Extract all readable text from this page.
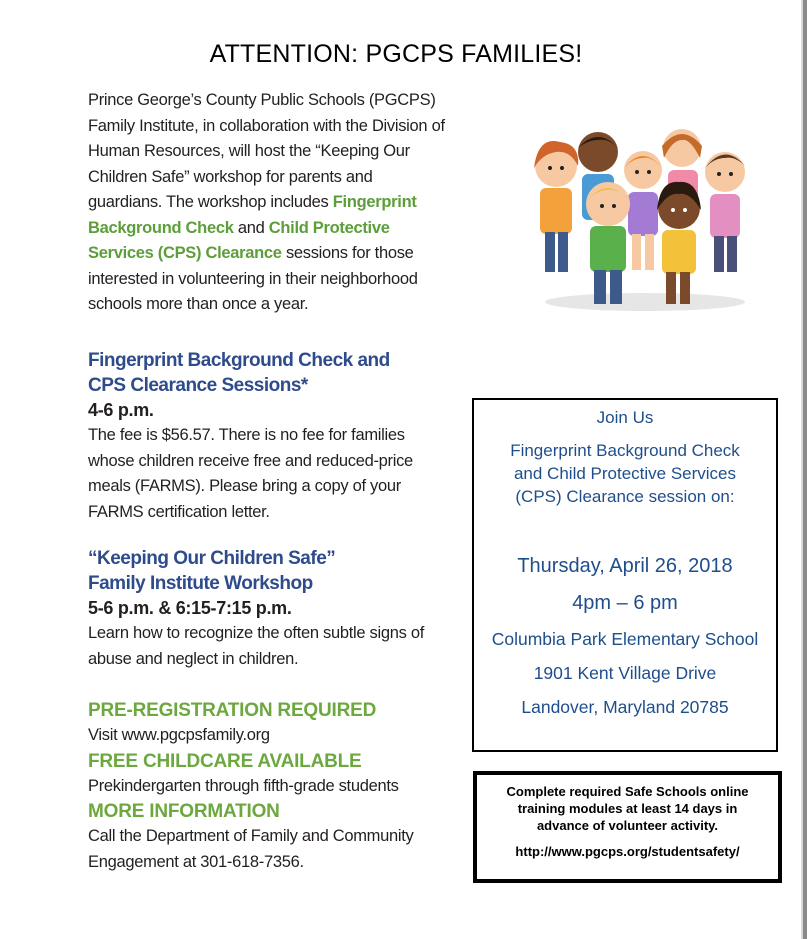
ATTENTION: PGCPS FAMILIES!
Prince George’s County Public Schools (PGCPS) Family Institute, in collaboration with the Division of Human Resources, will host the “Keeping Our Children Safe” workshop for parents and guardians. The workshop includes Fingerprint Background Check and Child Protective Services (CPS) Clearance sessions for those interested in volunteering in their neighborhood schools more than once a year.
Fingerprint Background Check and
CPS Clearance Sessions*
4-6 p.m.
The fee is $56.57. There is no fee for families whose children receive free and reduced-price meals (FARMS). Please bring a copy of your FARMS certification letter.
“Keeping Our Children Safe”
Family Institute Workshop
5-6 p.m. & 6:15-7:15 p.m.
Learn how to recognize the often subtle signs of abuse and neglect in children.
PRE-REGISTRATION REQUIRED
Visit www.pgcpsfamily.org
FREE CHILDCARE AVAILABLE
Prekindergarten through fifth-grade students
MORE INFORMATION
Call the Department of Family and Community Engagement at 301-618-7356.
Join Us
Fingerprint Background Check
and Child Protective Services
(CPS) Clearance session on:
Thursday, April 26, 2018
4pm – 6 pm
Columbia Park Elementary School
1901 Kent Village Drive
Landover, Maryland 20785
Complete required Safe Schools online
training modules at least 14 days in
advance of volunteer activity.
http://www.pgcps.org/studentsafety/
